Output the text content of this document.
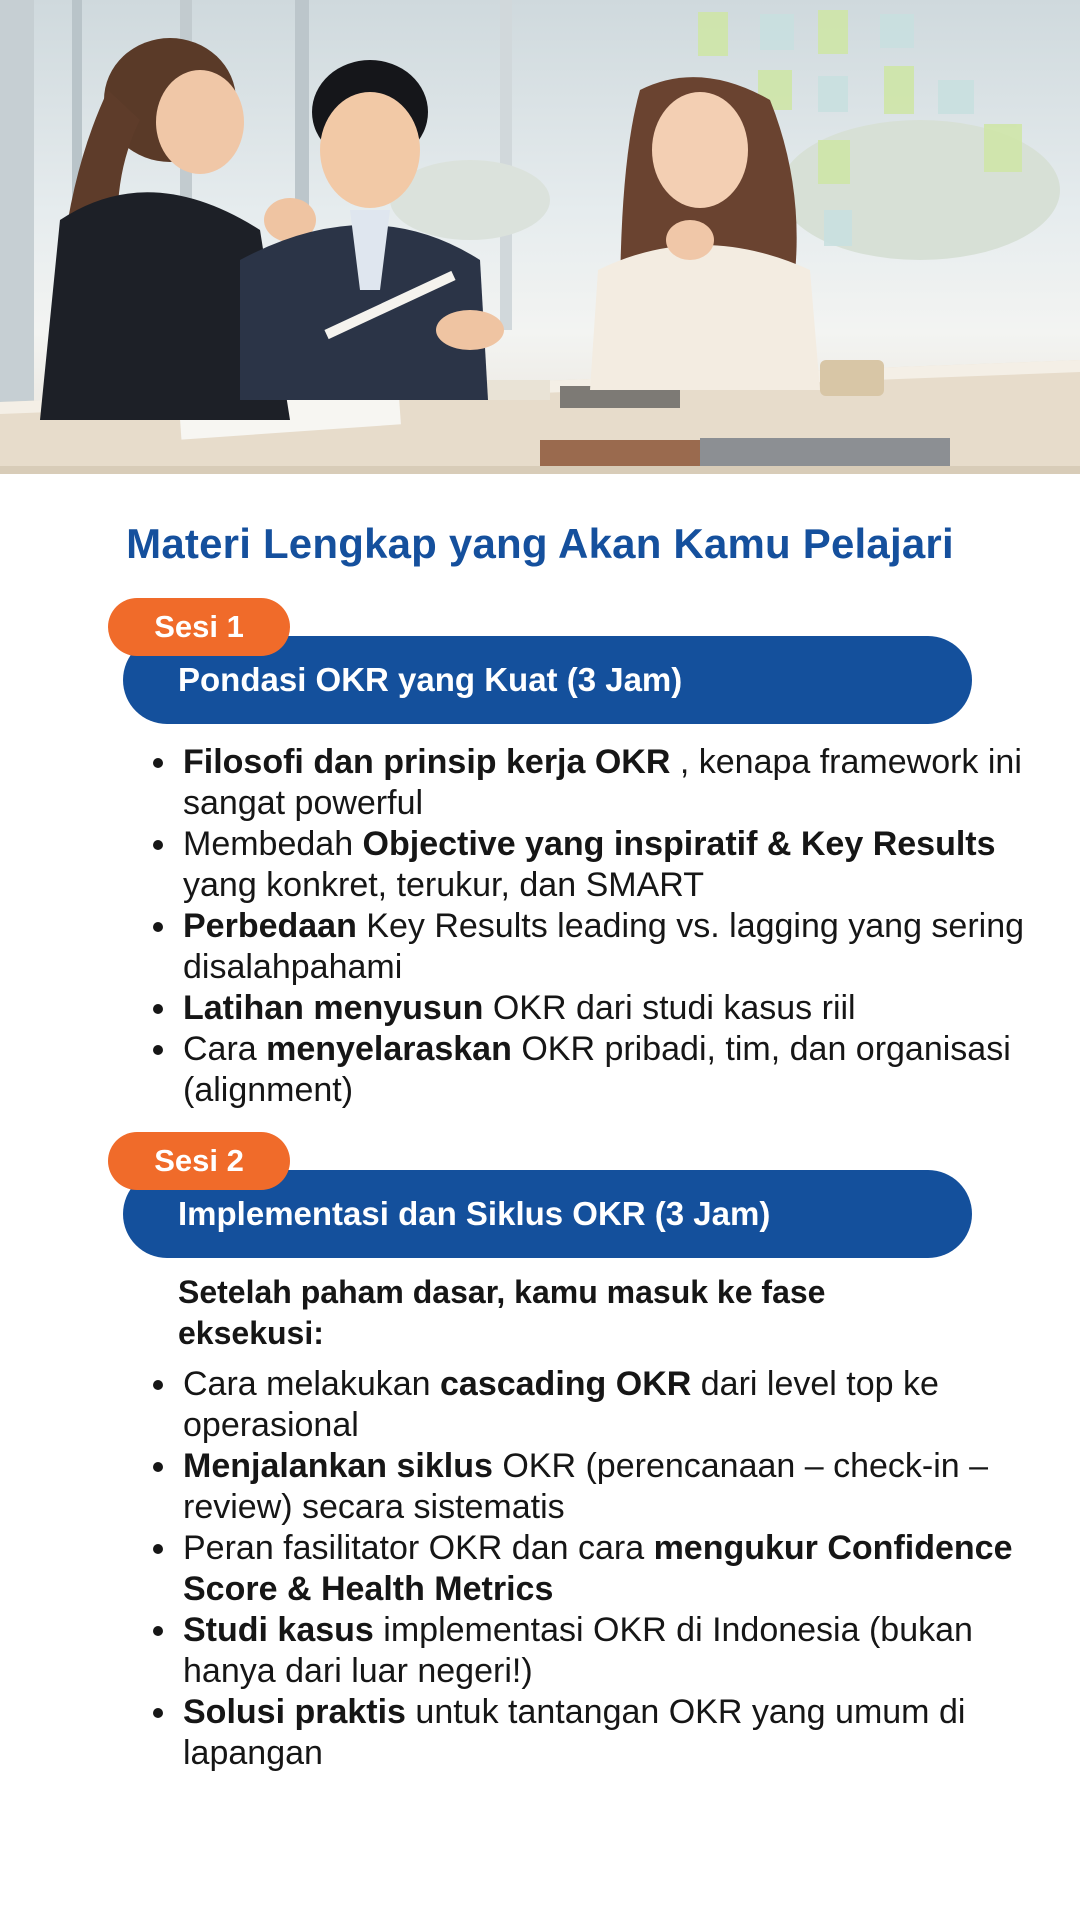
Materi Lengkap yang Akan Kamu Pelajari
Pondasi OKR yang Kuat (3 Jam)
Sesi 1
Filosofi dan prinsip kerja OKR , kenapa framework ini sangat powerful
Membedah Objective yang inspiratif & Key Results yang konkret, terukur, dan SMART
Perbedaan Key Results leading vs. lagging yang sering disalahpahami
Latihan menyusun OKR dari studi kasus riil
Cara menyelaraskan OKR pribadi, tim, dan organisasi (alignment)
Implementasi dan Siklus OKR (3 Jam)
Sesi 2
Setelah paham dasar, kamu masuk ke fase eksekusi:
Cara melakukan cascading OKR dari level top ke operasional
Menjalankan siklus OKR (perencanaan – check-in – review) secara sistematis
Peran fasilitator OKR dan cara mengukur Confidence Score & Health Metrics
Studi kasus implementasi OKR di Indonesia (bukan hanya dari luar negeri!)
Solusi praktis untuk tantangan OKR yang umum di lapangan
